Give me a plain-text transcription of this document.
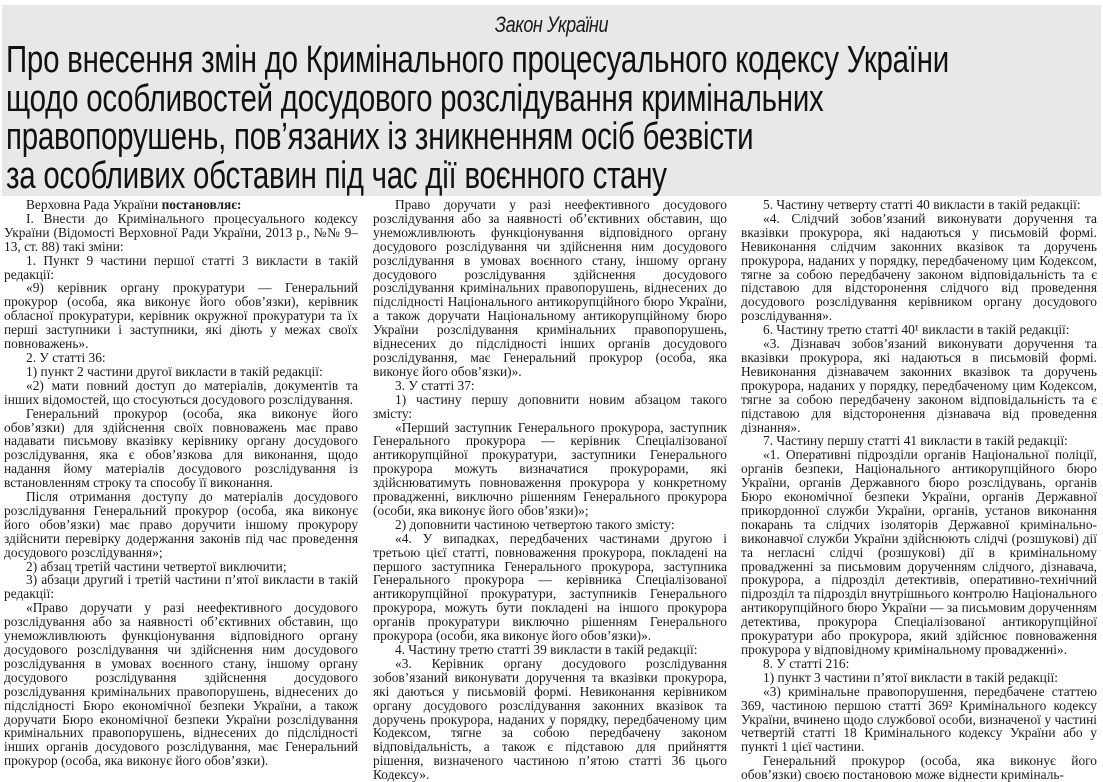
Закон України
Про внесення змін до Кримінального процесуального кодексу України
щодо особливостей досудового розслідування кримінальних
правопорушень, пов’язаних із зникненням осіб безвісти
за особливих обставин під час дії воєнного стану

Верховна Рада України постановляє:

I. Внести до Кримінального процесуального кодексу України (Відомості Верховної Ради України, 2013 р., №№ 9–13, ст. 88) такі зміни:

1. Пункт 9 частини першої статті 3 викласти в такій редакції:

«9) керівник органу прокуратури — Генеральний прокурор (особа, яка виконує його обов’язки), керівник обласної прокуратури, керівник окружної прокуратури та їх перші заступники і заступники, які діють у межах своїх повноважень».

2. У статті 36:

1) пункт 2 частини другої викласти в такій редакції:

«2) мати повний доступ до матеріалів, документів та інших відомостей, що стосуються досудового розслідування.

Генеральний прокурор (особа, яка виконує його обов’язки) для здійснення своїх повноважень має право надавати письмову вказівку керівнику органу досудового розслідування, яка є обов’язкова для виконання, щодо надання йому матеріалів досудового розслідування із встановленням строку та способу її виконання.

Після отримання доступу до матеріалів досудового розслідування Генеральний прокурор (особа, яка виконує його обов’язки) має право доручити іншому прокурору здійснити перевірку додержання законів під час проведення досудового розслідування»;

2) абзац третій частини четвертої виключити;

3) абзаци другий і третій частини п’ятої викласти в такій редакції:

«Право доручати у разі неефективного досудового розслідування або за наявності об’єктивних обставин, що унеможливлюють функціонування відповідного органу досудового розслідування чи здійснення ним досудового розслідування в умовах воєнного стану, іншому органу досудового розслідування здійснення досудового розслідування кримінальних правопорушень, віднесених до підслідності Бюро економічної безпеки України, а також доручати Бюро економічної безпеки України розслідування кримінальних правопорушень, віднесених до підслідності інших органів досудового розслідування, має Генеральний прокурор (особа, яка виконує його обов’язки).

Право доручати у разі неефективного досудового розслідування або за наявності об’єктивних обставин, що унеможливлюють функціонування відповідного органу досудового розслідування чи здійснення ним досудового розслідування в умовах воєнного стану, іншому органу досудового розслідування здійснення досудового розслідування кримінальних правопорушень, віднесених до підслідності Національного антикорупційного бюро України, а також доручати Національному антикорупційному бюро України розслідування кримінальних правопорушень, віднесених до підслідності інших органів досудового розслідування, має Генеральний прокурор (особа, яка виконує його обов’язки)».

3. У статті 37:

1) частину першу доповнити новим абзацом такого змісту:

«Перший заступник Генерального прокурора, заступник Генерального прокурора — керівник Спеціалізованої антикорупційної прокуратури, заступники Генерального прокурора можуть визначатися прокурорами, які здійснюватимуть повноваження прокурора у конкретному провадженні, виключно рішенням Генерального прокурора (особи, яка виконує його обов’язки)»;

2) доповнити частиною четвертою такого змісту:

«4. У випадках, передбачених частинами другою і третьою цієї статті, повноваження прокурора, покладені на першого заступника Генерального прокурора, заступника Генерального прокурора — керівника Спеціалізованої антикорупційної прокуратури, заступників Генерального прокурора, можуть бути покладені на іншого прокурора органів прокуратури виключно рішенням Генерального прокурора (особи, яка виконує його обов’язки)».

4. Частину третю статті 39 викласти в такій редакції:

«3. Керівник органу досудового розслідування зобов’язаний виконувати доручення та вказівки прокурора, які даються у письмовій формі. Невиконання керівником органу досудового розслідування законних вказівок та доручень прокурора, наданих у порядку, передбаченому цим Кодексом, тягне за собою передбачену законом відповідальність, а також є підставою для прийняття рішення, визначеного частиною п’ятою статті 36 цього Кодексу».

5. Частину четверту статті 40 викласти в такій редакції:

«4. Слідчий зобов’язаний виконувати доручення та вказівки прокурора, які надаються у письмовій формі. Невиконання слідчим законних вказівок та доручень прокурора, наданих у порядку, передбаченому цим Кодексом, тягне за собою передбачену законом відповідальність та є підставою для відсторонення слідчого від проведення досудового розслідування керівником органу досудового розслідування».

6. Частину третю статті 40¹ викласти в такій редакції:

«3. Дізнавач зобов’язаний виконувати доручення та вказівки прокурора, які надаються в письмовій формі. Невиконання дізнавачем законних вказівок та доручень прокурора, наданих у порядку, передбаченому цим Кодексом, тягне за собою передбачену законом відповідальність та є підставою для відсторонення дізнавача від проведення дізнання».

7. Частину першу статті 41 викласти в такій редакції:

«1. Оперативні підрозділи органів Національної поліції, органів безпеки, Національного антикорупційного бюро України, органів Державного бюро розслідувань, органів Бюро економічної безпеки України, органів Державної прикордонної служби України, органів, установ виконання покарань та слідчих ізоляторів Державної кримінально-виконавчої служби України здійснюють слідчі (розшукові) дії та негласні слідчі (розшукові) дії в кримінальному провадженні за письмовим дорученням слідчого, дізнавача, прокурора, а підрозділ детективів, оперативно-технічний підрозділ та підрозділ внутрішнього контролю Національного антикорупційного бюро України — за письмовим дорученням детектива, прокурора Спеціалізованої антикорупційної прокуратури або прокурора, який здійснює повноваження прокурора у відповідному кримінальному провадженні».

8. У статті 216:

1) пункт 3 частини п’ятої викласти в такій редакції:

«3) кримінальне правопорушення, передбачене статтею 369, частиною першою статті 369² Кримінального кодексу України, вчинено щодо службової особи, визначеної у частині четвертій статті 18 Кримінального кодексу України або у пункті 1 цієї частини.

Генеральний прокурор (особа, яка виконує його обов’язки) своєю постановою може віднести криміналь-
